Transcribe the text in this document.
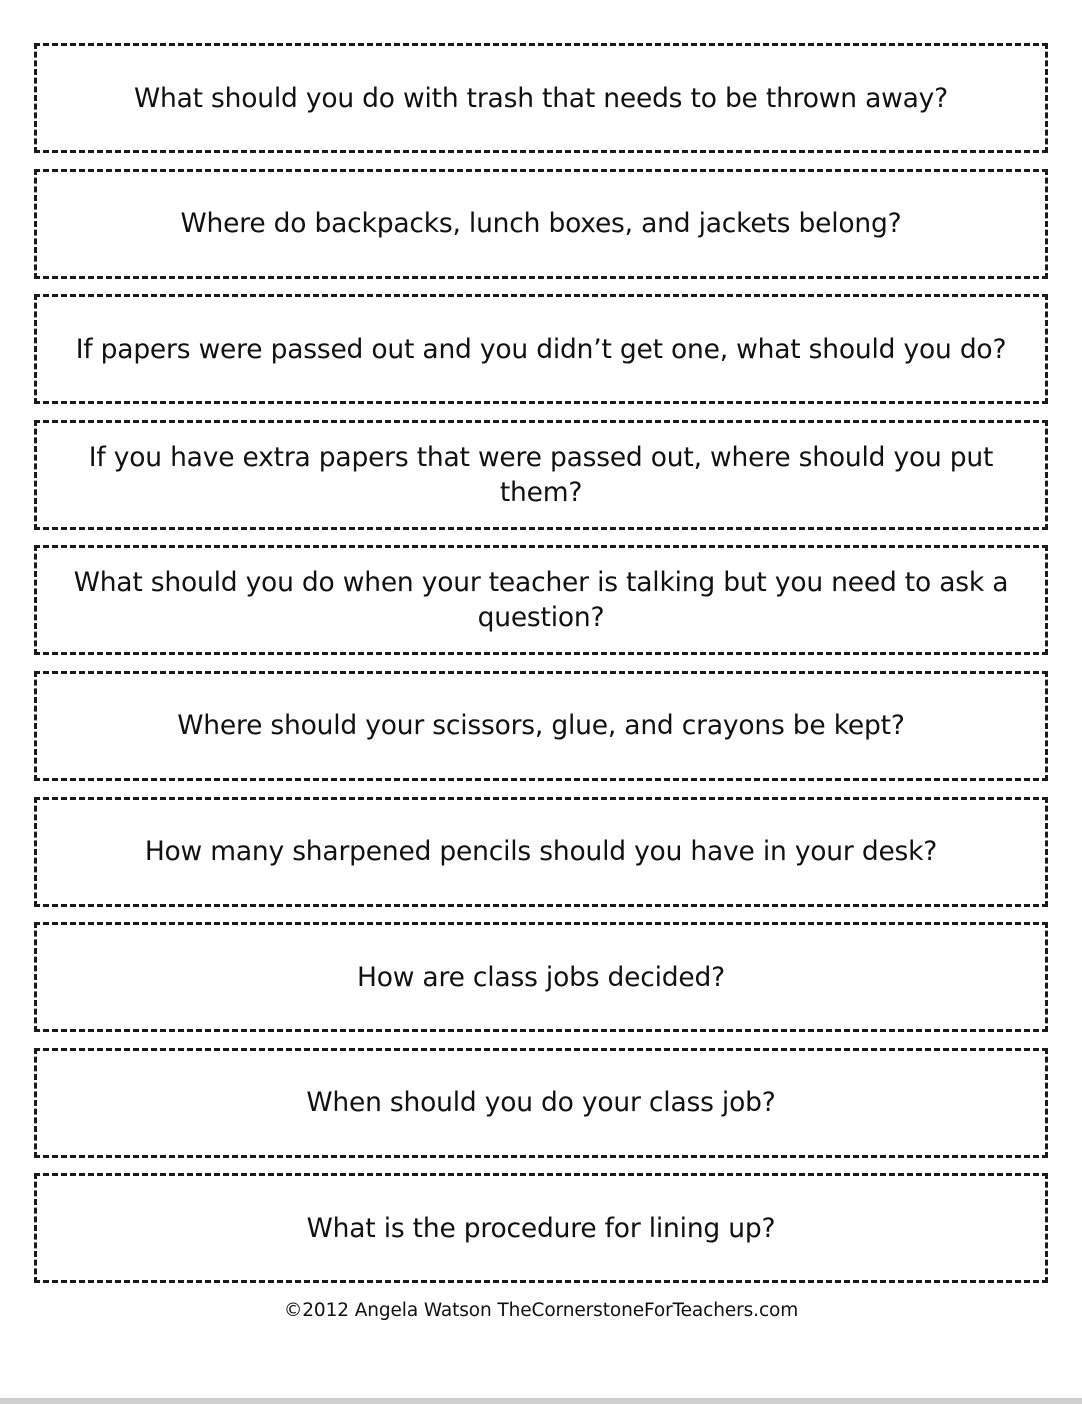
What should you do with trash that needs to be thrown away?
Where do backpacks, lunch boxes, and jackets belong?
If papers were passed out and you didn’t get one, what should you do?
If you have extra papers that were passed out, where should you put them?
What should you do when your teacher is talking but you need to ask a question?
Where should your scissors, glue, and crayons be kept?
How many sharpened pencils should you have in your desk?
How are class jobs decided?
When should you do your class job?
What is the procedure for lining up?
©2012 Angela Watson TheCornerstoneForTeachers.com
